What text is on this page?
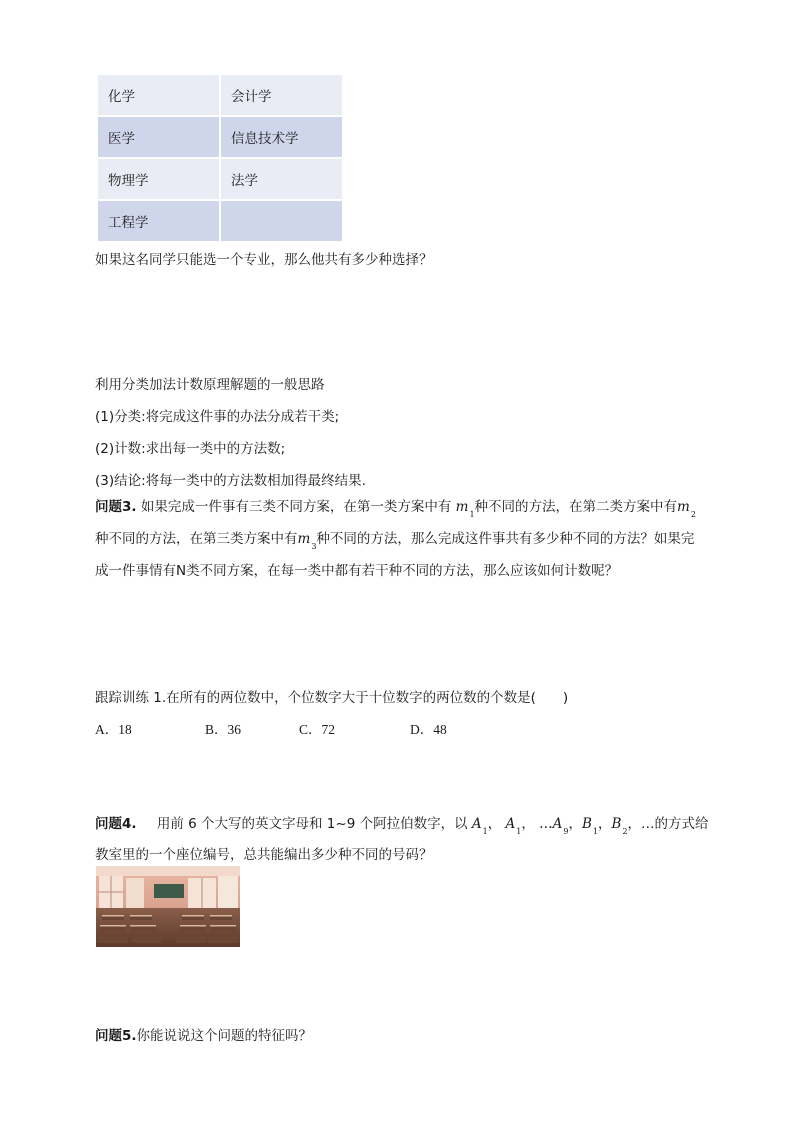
化学	会计学
医学	信息技术学
物理学	法学
工程学	
如果这名同学只能选一个专业，那么他共有多少种选择？
利用分类加法计数原理解题的一般思路
(1)分类:将完成这件事的办法分成若干类;
(2)计数:求出每一类中的方法数;
(3)结论:将每一类中的方法数相加得最终结果.
问题3. 如果完成一件事有三类不同方案，在第一类方案中有 $m_1$种不同的方法，在第二类方案中有$m_2$种不同的方法，在第三类方案中有$m_3$种不同的方法，那么完成这件事共有多少种不同的方法？如果完成一件事情有N类不同方案，在每一类中都有若干种不同的方法，那么应该如何计数呢？
跟踪训练 1.在所有的两位数中，个位数字大于十位数字的两位数的个数是(　　)
A．18	B．36	C．72	D．48
问题4. 用前 6 个大写的英文字母和 1~9 个阿拉伯数字，以 $A_1$， $A_1$， $\dots A_9$，$B_1$，$B_2$，…的方式给
教室里的一个座位编号，总共能编出多少种不同的号码？
问题5.你能说说这个问题的特征吗？
